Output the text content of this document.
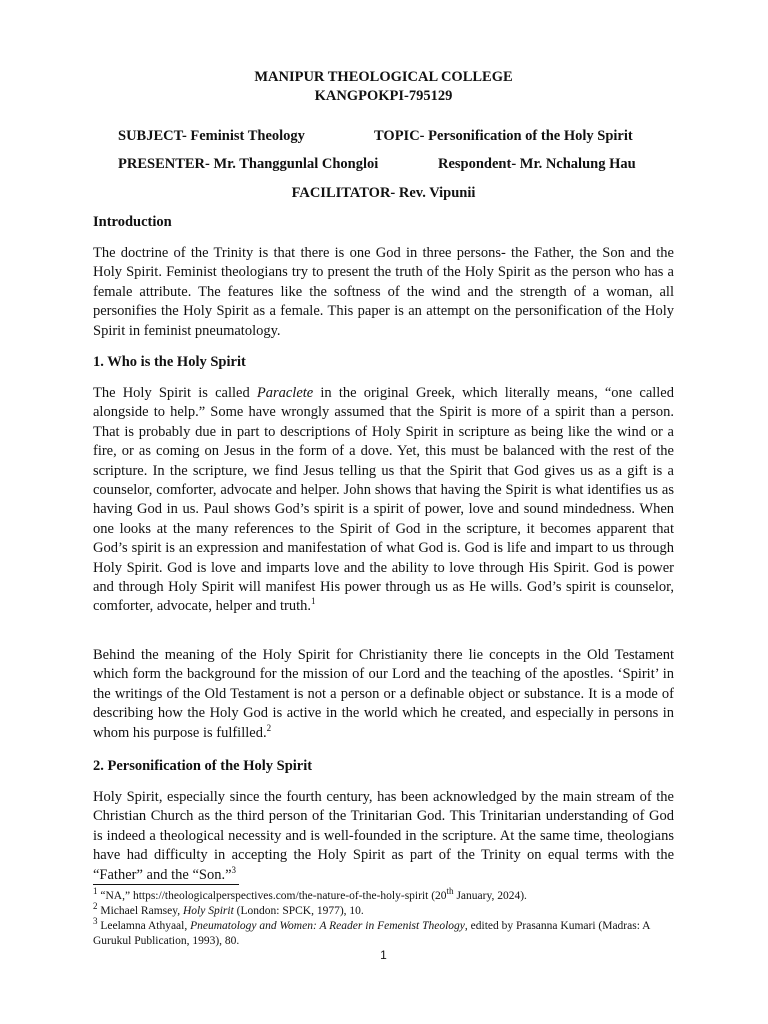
MANIPUR THEOLOGICAL COLLEGE
KANGPOKPI-795129
SUBJECT- Feminist Theology	TOPIC- Personification of the Holy Spirit
PRESENTER- Mr. Thanggunlal Chongloi	Respondent- Mr. Nchalung Hau
FACILITATOR- Rev. Vipunii
Introduction
The doctrine of the Trinity is that there is one God in three persons- the Father, the Son and the Holy Spirit. Feminist theologians try to present the truth of the Holy Spirit as the person who has a female attribute. The features like the softness of the wind and the strength of a woman, all personifies the Holy Spirit as a female. This paper is an attempt on the personification of the Holy Spirit in feminist pneumatology.
1. Who is the Holy Spirit
The Holy Spirit is called Paraclete in the original Greek, which literally means, “one called alongside to help.” Some have wrongly assumed that the Spirit is more of a spirit than a person. That is probably due in part to descriptions of Holy Spirit in scripture as being like the wind or a fire, or as coming on Jesus in the form of a dove. Yet, this must be balanced with the rest of the scripture. In the scripture, we find Jesus telling us that the Spirit that God gives us as a gift is a counselor, comforter, advocate and helper. John shows that having the Spirit is what identifies us as having God in us. Paul shows God’s spirit is a spirit of power, love and sound mindedness. When one looks at the many references to the Spirit of God in the scripture, it becomes apparent that God’s spirit is an expression and manifestation of what God is. God is life and impart to us through Holy Spirit. God is love and imparts love and the ability to love through His Spirit. God is power and through Holy Spirit will manifest His power through us as He wills. God’s spirit is counselor, comforter, advocate, helper and truth.$^1$
Behind the meaning of the Holy Spirit for Christianity there lie concepts in the Old Testament which form the background for the mission of our Lord and the teaching of the apostles. ‘Spirit’ in the writings of the Old Testament is not a person or a definable object or substance. It is a mode of describing how the Holy God is active in the world which he created, and especially in persons in whom his purpose is fulfilled.$^2$
2. Personification of the Holy Spirit
Holy Spirit, especially since the fourth century, has been acknowledged by the main stream of the Christian Church as the third person of the Trinitarian God. This Trinitarian understanding of God is indeed a theological necessity and is well-founded in the scripture. At the same time, theologians have had difficulty in accepting the Holy Spirit as part of the Trinity on equal terms with the “Father” and the “Son.”$^3$
$^1$ “NA,” https://theologicalperspectives.com/the-nature-of-the-holy-spirit (20th January, 2024).
$^2$ Michael Ramsey, Holy Spirit (London: SPCK, 1977), 10.
$^3$ Leelamna Athyaal, Pneumatology and Women: A Reader in Femenist Theology, edited by Prasanna Kumari (Madras: A Gurukul Publication, 1993), 80.
1
